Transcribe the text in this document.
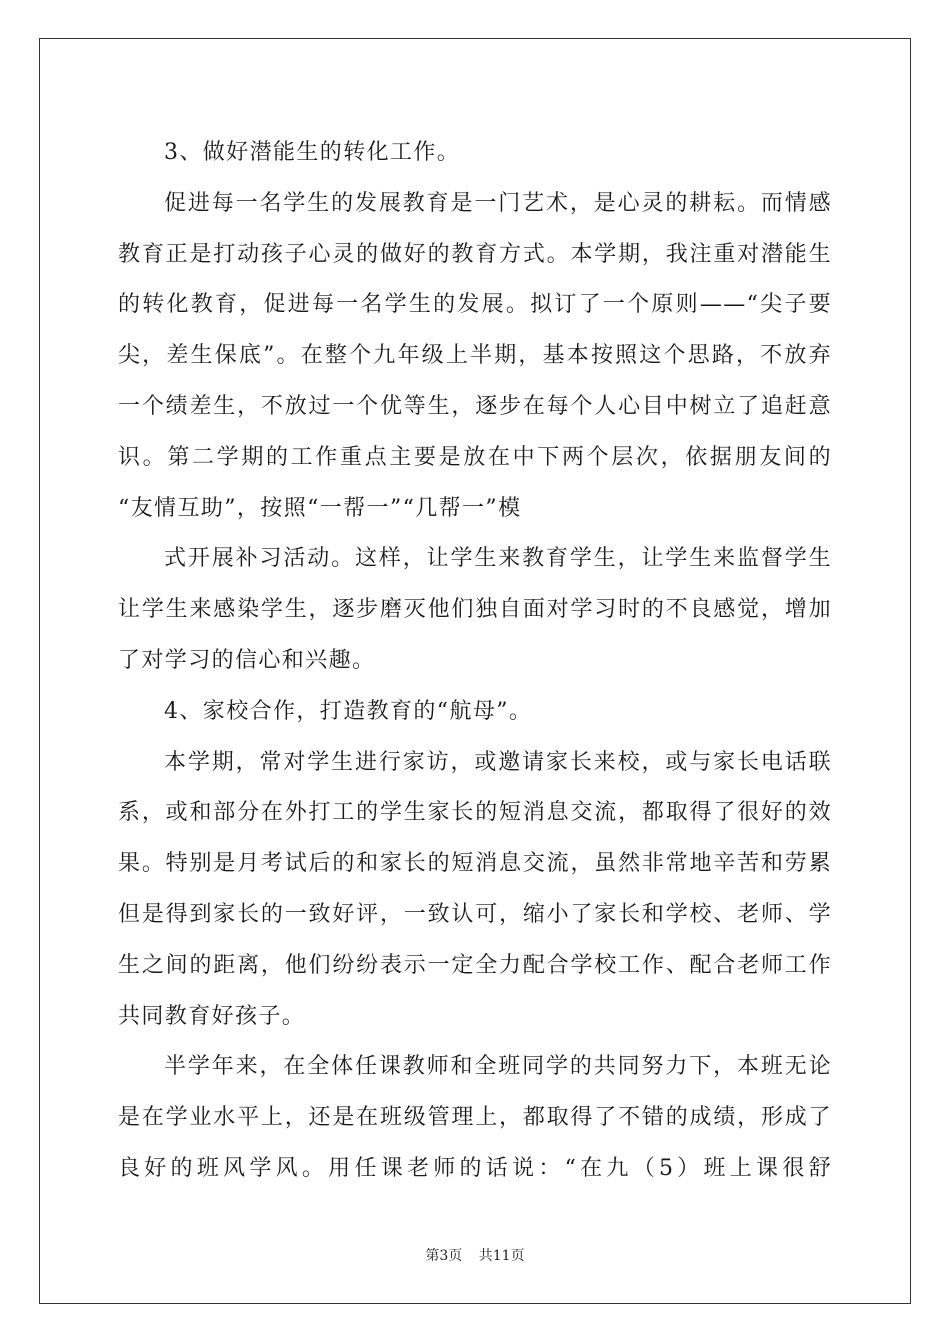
3、做好潜能生的转化工作。
促进每一名学生的发展教育是一门艺术，是心灵的耕耘。而情感
教育正是打动孩子心灵的做好的教育方式。本学期，我注重对潜能生
的转化教育，促进每一名学生的发展。拟订了一个原则——“尖子要
尖，差生保底”。在整个九年级上半期，基本按照这个思路，不放弃
一个绩差生，不放过一个优等生，逐步在每个人心目中树立了追赶意
识。第二学期的工作重点主要是放在中下两个层次，依据朋友间的
“友情互助”，按照“一帮一”“几帮一”模
式开展补习活动。这样，让学生来教育学生，让学生来监督学生
让学生来感染学生，逐步磨灭他们独自面对学习时的不良感觉，增加
了对学习的信心和兴趣。
4、家校合作，打造教育的“航母”。
本学期，常对学生进行家访，或邀请家长来校，或与家长电话联
系，或和部分在外打工的学生家长的短消息交流，都取得了很好的效
果。特别是月考试后的和家长的短消息交流，虽然非常地辛苦和劳累
但是得到家长的一致好评，一致认可，缩小了家长和学校、老师、学
生之间的距离，他们纷纷表示一定全力配合学校工作、配合老师工作
共同教育好孩子。
半学年来，在全体任课教师和全班同学的共同努力下，本班无论
是在学业水平上，还是在班级管理上，都取得了不错的成绩，形成了
良好的班风学风。用任课老师的话说：“在九（5）班上课很舒
第3页 共11页
